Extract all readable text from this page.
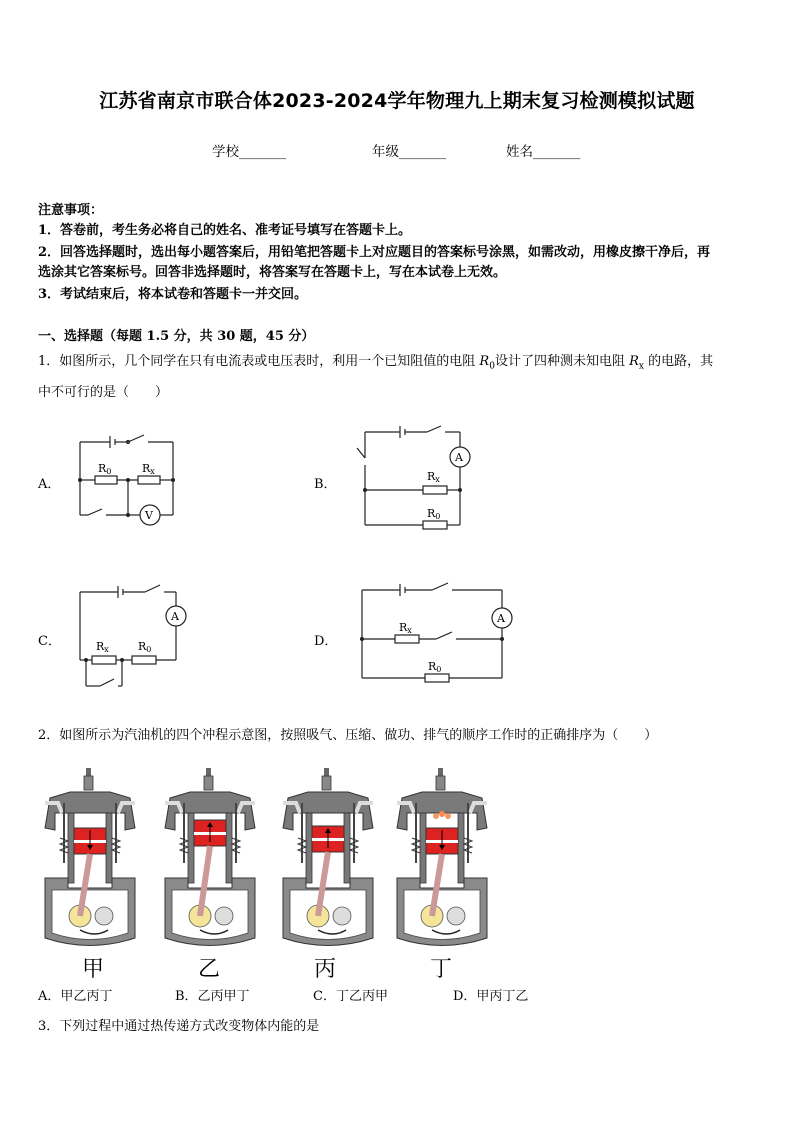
江苏省南京市联合体2023-2024学年物理九上期末复习检测模拟试题
学校_______	年级_______	姓名_______
注意事项：
1．答卷前，考生务必将自己的姓名、准考证号填写在答题卡上。
2．回答选择题时，选出每小题答案后，用铅笔把答题卡上对应题目的答案标号涂黑，如需改动，用橡皮擦干净后，再
选涂其它答案标号。回答非选择题时，将答案写在答题卡上，写在本试卷上无效。
3．考试结束后，将本试卷和答题卡一并交回。
一、选择题（每题 1.5 分，共 30 题，45 分）
1．如图所示，几个同学在只有电流表或电压表时，利用一个已知阻值的电阻 $R_0$设计了四种测未知电阻 $R_x$ 的电路，其
中不可行的是（　　）
A．
R0	Rx
V
B．
Rx
R0
A
C．	Rx	R0
A
D．
Rx
R0
A
2．如图所示为汽油机的四个冲程示意图，按照吸气、压缩、做功、排气的顺序工作时的正确排序为（　　）
甲	乙	丙	丁
A．甲乙丙丁	B．乙丙甲丁	C．丁乙丙甲	D．甲丙丁乙
3．下列过程中通过热传递方式改变物体内能的是
